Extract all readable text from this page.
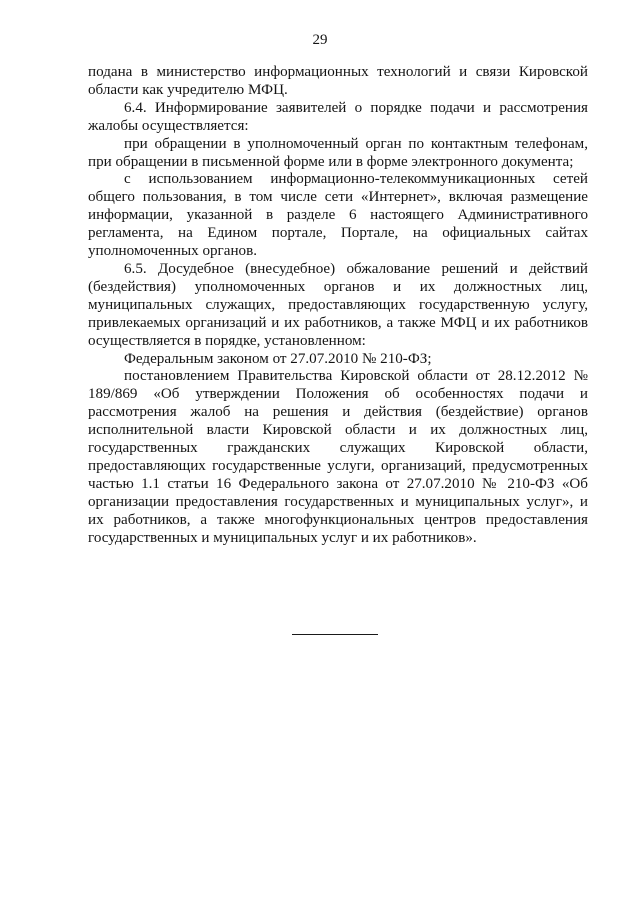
29

подана в министерство информационных технологий и связи Кировской области как учредителю МФЦ.

6.4. Информирование заявителей о порядке подачи и рассмотрения жалобы осуществляется:

при обращении в уполномоченный орган по контактным телефонам, при обращении в письменной форме или в форме электронного документа;

с использованием информационно-телекоммуникационных сетей общего пользования, в том числе сети «Интернет», включая размещение информации, указанной в разделе 6 настоящего Административного регламента, на Едином портале, Портале, на официальных сайтах уполномоченных органов.

6.5. Досудебное (внесудебное) обжалование решений и действий (бездействия) уполномоченных органов и их должностных лиц, муниципальных служащих, предоставляющих государственную услугу, привлекаемых организаций и их работников, а также МФЦ и их работников осуществляется в порядке, установленном:

Федеральным законом от 27.07.2010 № 210-ФЗ;

постановлением Правительства Кировской области от 28.12.2012 № 189/869 «Об утверждении Положения об особенностях подачи и рассмотрения жалоб на решения и действия (бездействие) органов исполнительной власти Кировской области и их должностных лиц, государственных гражданских служащих Кировской области, предоставляющих государственные услуги, организаций, предусмотренных частью 1.1 статьи 16 Федерального закона от 27.07.2010 № 210-ФЗ «Об организации предоставления государственных и муниципальных услуг», и их работников, а также многофункциональных центров предоставления государственных и муниципальных услуг и их работников».
